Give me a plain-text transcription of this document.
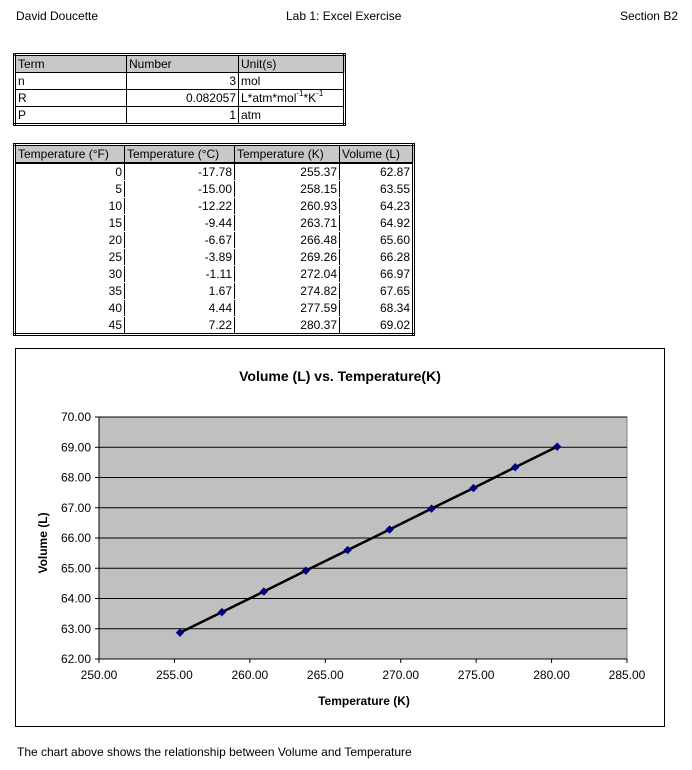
David Doucette	Lab 1: Excel Exercise	Section B2
Term	Number	Unit(s)
n	3	mol
R	0.082057	$L*atm*mol^{-1}*K^{-1}$
P	1	atm
Temperature (°F)	Temperature (°C)	Temperature (K)	Volume (L)
0	-17.78	255.37	62.87
5	-15.00	258.15	63.55
10	-12.22	260.93	64.23
15	-9.44	263.71	64.92
20	-6.67	266.48	65.60
25	-3.89	269.26	66.28
30	-1.11	272.04	66.97
35	1.67	274.82	67.65
40	4.44	277.59	68.34
45	7.22	280.37	69.02
Volume (L) vs. Temperature(K)
Temperature (K)
Volume (L)
62.00
63.00
64.00
65.00
66.00
67.00
68.00
69.00
70.00
250.00	255.00	260.00	265.00	270.00	275.00	280.00	285.00
The chart above shows the relationship between Volume and Temperature
